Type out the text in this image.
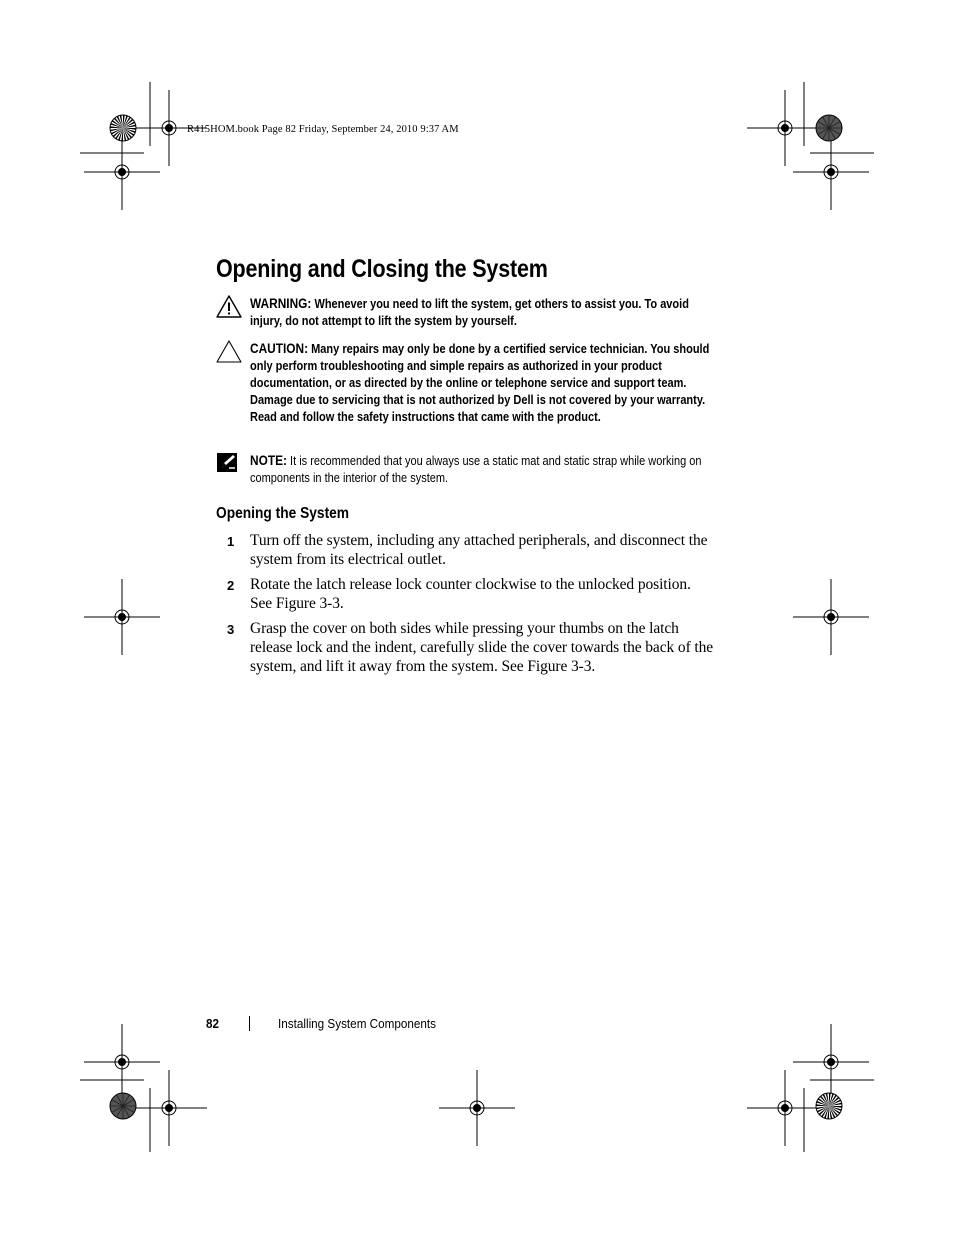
R415HOM.book Page 82 Friday, September 24, 2010 9:37 AM
Opening and Closing the System
WARNING: Whenever you need to lift the system, get others to assist you. To avoid injury, do not attempt to lift the system by yourself.
CAUTION: Many repairs may only be done by a certified service technician. You should only perform troubleshooting and simple repairs as authorized in your product documentation, or as directed by the online or telephone service and support team. Damage due to servicing that is not authorized by Dell is not covered by your warranty. Read and follow the safety instructions that came with the product.
NOTE: It is recommended that you always use a static mat and static strap while working on components in the interior of the system.
Opening the System
1 Turn off the system, including any attached peripherals, and disconnect the system from its electrical outlet.
2 Rotate the latch release lock counter clockwise to the unlocked position. See Figure 3-3.
3 Grasp the cover on both sides while pressing your thumbs on the latch release lock and the indent, carefully slide the cover towards the back of the system, and lift it away from the system. See Figure 3-3.
82	Installing System Components
